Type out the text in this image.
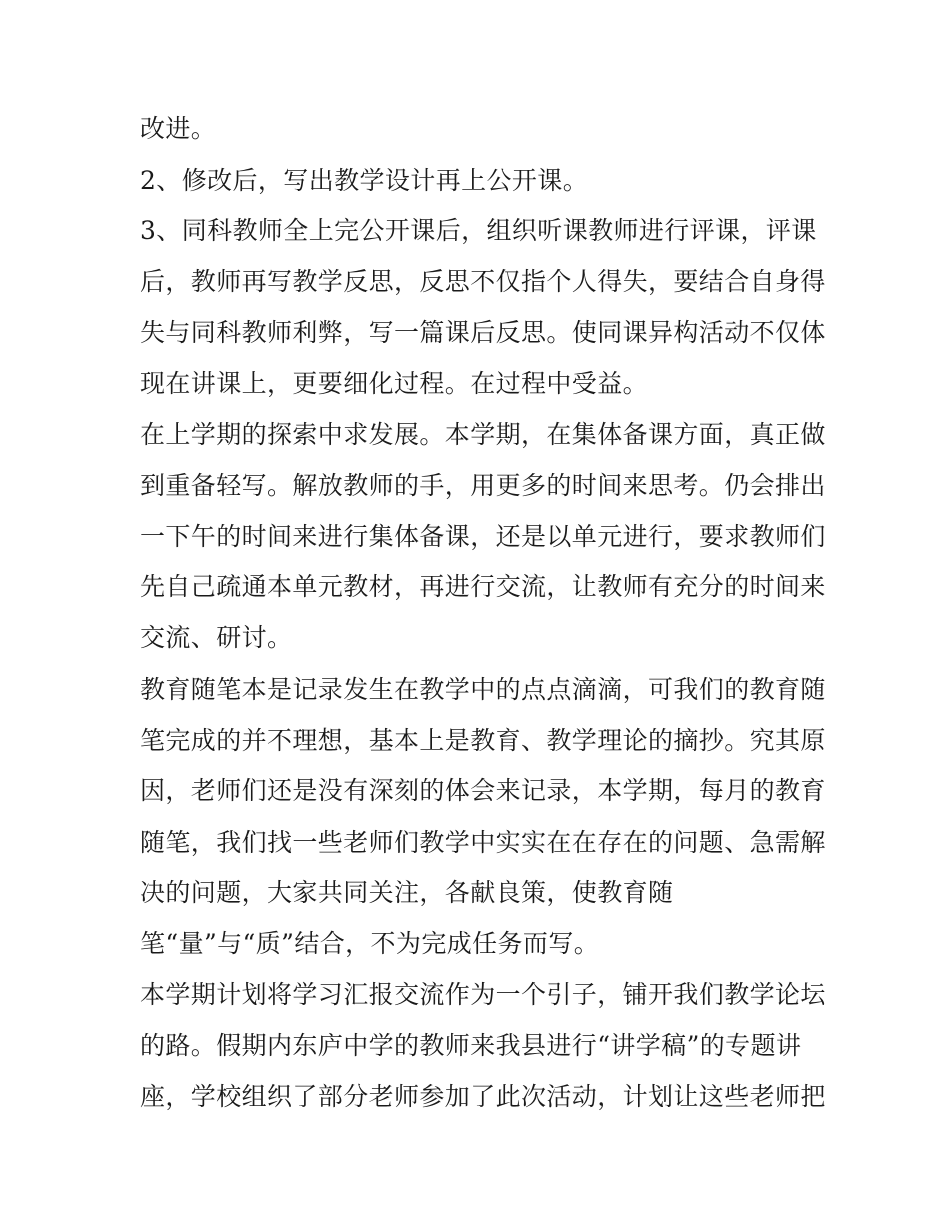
改进。

2、修改后，写出教学设计再上公开课。

3、同科教师全上完公开课后，组织听课教师进行评课，评课

后，教师再写教学反思，反思不仅指个人得失，要结合自身得

失与同科教师利弊，写一篇课后反思。使同课异构活动不仅体

现在讲课上，更要细化过程。在过程中受益。

在上学期的探索中求发展。本学期，在集体备课方面，真正做

到重备轻写。解放教师的手，用更多的时间来思考。仍会排出

一下午的时间来进行集体备课，还是以单元进行，要求教师们

先自己疏通本单元教材，再进行交流，让教师有充分的时间来

交流、研讨。

教育随笔本是记录发生在教学中的点点滴滴，可我们的教育随

笔完成的并不理想，基本上是教育、教学理论的摘抄。究其原

因，老师们还是没有深刻的体会来记录，本学期，每月的教育

随笔，我们找一些老师们教学中实实在在存在的问题、急需解

决的问题，大家共同关注，各献良策，使教育随

笔“量”与“质”结合，不为完成任务而写。

本学期计划将学习汇报交流作为一个引子，铺开我们教学论坛

的路。假期内东庐中学的教师来我县进行“讲学稿”的专题讲

座，学校组织了部分老师参加了此次活动，计划让这些老师把
